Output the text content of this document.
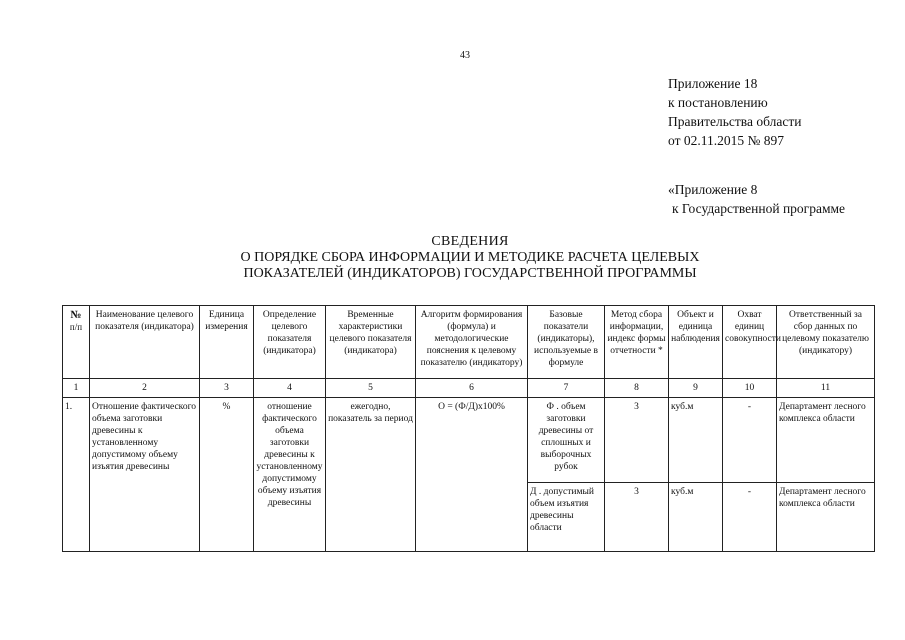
43
Приложение 18
к постановлению
Правительства области
от 02.11.2015 № 897
«Приложение 8
к Государственной программе
СВЕДЕНИЯ
О ПОРЯДКЕ СБОРА ИНФОРМАЦИИ И МЕТОДИКЕ РАСЧЕТА ЦЕЛЕВЫХ
ПОКАЗАТЕЛЕЙ (ИНДИКАТОРОВ) ГОСУДАРСТВЕННОЙ ПРОГРАММЫ
№
п/п	Наименование целевого показателя (индикатора)	Единица измерения	Определение целевого показателя (индикатора)	Временные характеристики целевого показателя (индикатора)	Алгоритм формирования (формула) и методологические пояснения к целевому показателю (индикатору)	Базовые показатели (индикаторы), используемые в формуле	Метод сбора информации, индекс формы отчетности *	Объект и единица наблюдения	Охват единиц совокупности	Ответственный за сбор данных по целевому показателю (индикатору)
1	2	3	4	5	6	7	8	9	10	11
1.	Отношение фактического объема заготовки древесины к установленному допустимому объему изъятия древесины	%	отношение фактического объема заготовки древесины к установленному допустимому объему изъятия древесины	ежегодно, показатель за период	О = (Ф/Д)х100%	Ф . объем заготовки древесины от сплошных и выборочных рубок	3	куб.м	-	Департамент лесного комплекса области
						Д . допустимый объем изъятия древесины области	3	куб.м	-	Департамент лесного комплекса области
